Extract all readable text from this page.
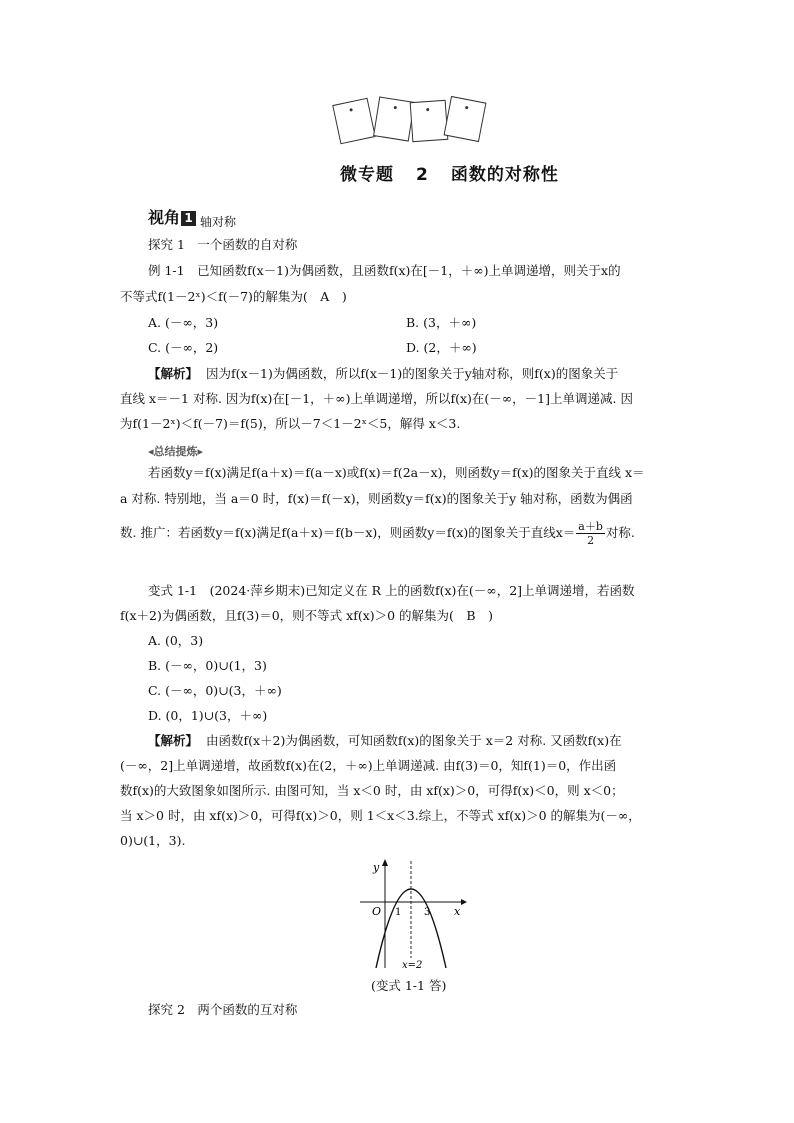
微专题 2 函数的对称性
视角 1 轴对称
探究 1　一个函数的自对称
例 1-1　已知函数f(x－1)为偶函数，且函数f(x)在[－1，＋∞)上单调递增，则关于x的
不等式f(1－2ˣ)＜f(－7)的解集为(　A　)
A. (－∞，3)	B. (3，＋∞)
C. (－∞，2)	D. (2，＋∞)
【解析】 因为f(x－1)为偶函数，所以f(x－1)的图象关于y轴对称，则f(x)的图象关于
直线 x＝－1 对称. 因为f(x)在[－1，＋∞)上单调递增，所以f(x)在(－∞，－1]上单调递减. 因
为f(1－2ˣ)＜f(－7)＝f(5)，所以－7＜1－2ˣ＜5，解得 x＜3.
◂总结提炼▸
若函数y＝f(x)满足f(a＋x)＝f(a－x)或f(x)＝f(2a－x)，则函数y＝f(x)的图象关于直线 x＝
a 对称. 特别地，当 a＝0 时，f(x)＝f(－x)，则函数y＝f(x)的图象关于y 轴对称，函数为偶函
数. 推广：若函数y＝f(x)满足f(a＋x)＝f(b－x)，则函数y＝f(x)的图象关于直线$x= \frac{a+b}{2}$ 对称.
变式 1-1　(2024·萍乡期末)已知定义在 R 上的函数f(x)在(－∞，2]上单调递增，若函数
f(x＋2)为偶函数，且f(3)＝0，则不等式 xf(x)＞0 的解集为(　B　)
A. (0，3)
B. (－∞，0)∪(1，3)
C. (－∞，0)∪(3，＋∞)
D. (0，1)∪(3，＋∞)
【解析】 由函数f(x＋2)为偶函数，可知函数f(x)的图象关于 x＝2 对称. 又函数f(x)在
(－∞，2]上单调递增，故函数f(x)在(2，＋∞)上单调递减. 由f(3)＝0，知f(1)＝0，作出函
数f(x)的大致图象如图所示. 由图可知，当 x＜0 时，由 xf(x)＞0，可得f(x)＜0，则 x＜0；
当 x＞0 时，由 xf(x)＞0，可得f(x)＞0，则 1＜x＜3.综上，不等式 xf(x)＞0 的解集为(－∞，
0)∪(1，3).
y
x
O 1 3
x=2
(变式 1-1 答)
探究 2　两个函数的互对称
